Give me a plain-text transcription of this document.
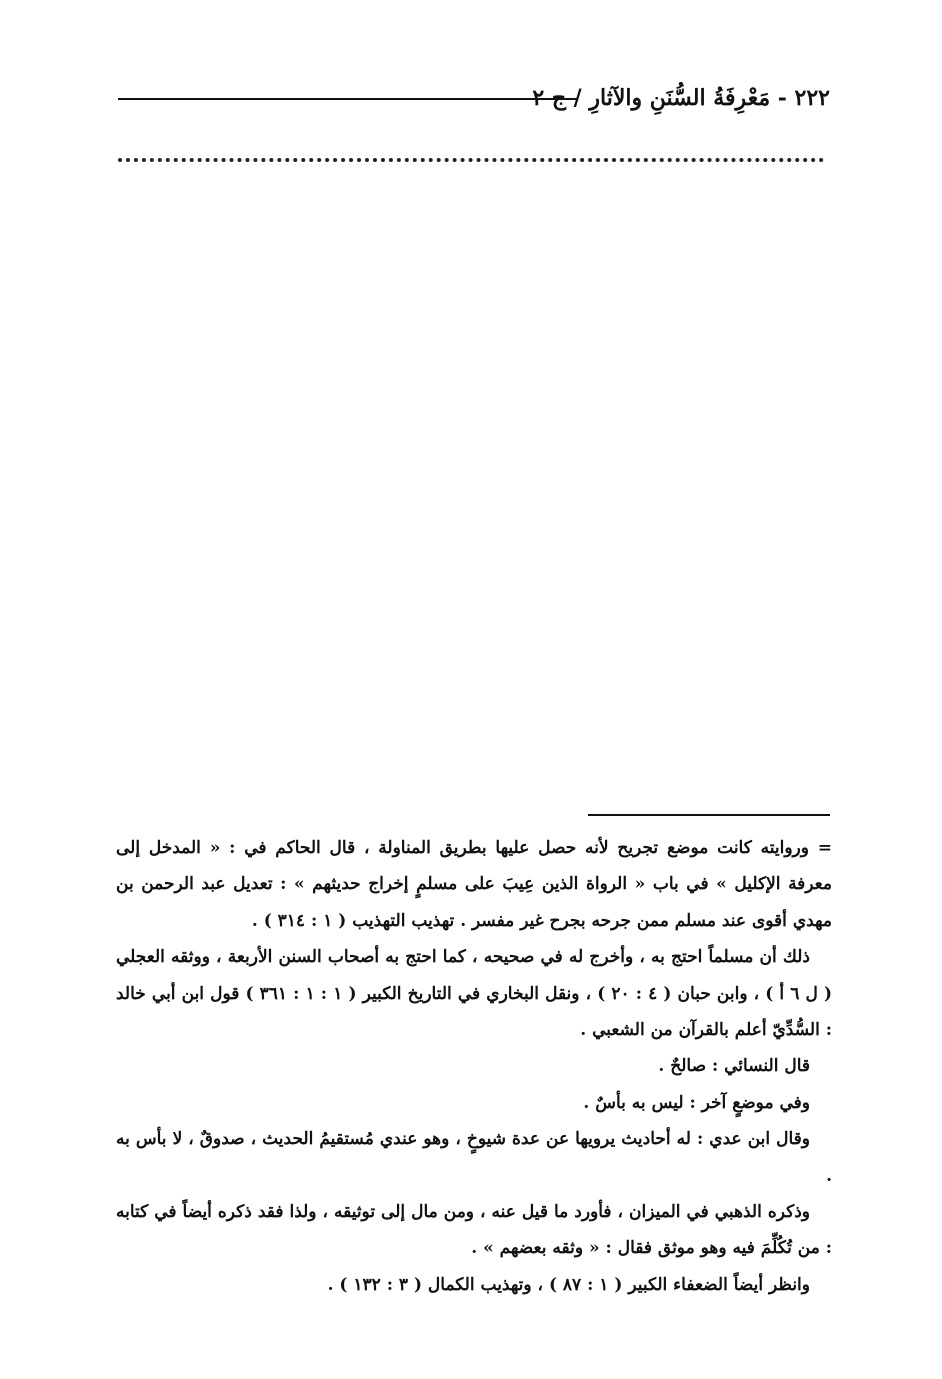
٢٢٢ - مَعْرِفَةُ السُّنَنِ والآثارِ / ج ٢

= وروايته كانت موضع تجريح لأنه حصل عليها بطريق المناولة ، قال الحاكم في : « المدخل إلى معرفة الإكليل » في باب « الرواة الذين عِيبَ على مسلمٍ إخراج حديثهم » : تعديل عبد الرحمن بن مهدي أقوى عند مسلم ممن جرحه بجرح غير مفسر . تهذيب التهذيب ( ١ : ٣١٤ ) .

ذلك أن مسلماً احتج به ، وأخرج له في صحيحه ، كما احتج به أصحاب السنن الأربعة ، ووثقه العجلي ( ل ٦ أ ) ، وابن حبان ( ٤ : ٢٠ ) ، ونقل البخاري في التاريخ الكبير ( ١ : ١ : ٣٦١ ) قول ابن أبي خالد : السُّدِّيّ أعلم بالقرآن من الشعبي .

قال النسائي : صالحٌ .

وفي موضعٍ آخر : ليس به بأسٌ .

وقال ابن عدي : له أحاديث يرويها عن عدة شيوخٍ ، وهو عندي مُستقيمُ الحديث ، صدوقٌ ، لا بأس به .

وذكره الذهبي في الميزان ، فأورد ما قيل عنه ، ومن مال إلى توثيقه ، ولذا فقد ذكره أيضاً في كتابه : من تُكُلِّمَ فيه وهو موثق فقال : « وثقه بعضهم » .

وانظر أيضاً الضعفاء الكبير ( ١ : ٨٧ ) ، وتهذيب الكمال ( ٣ : ١٣٢ ) .
